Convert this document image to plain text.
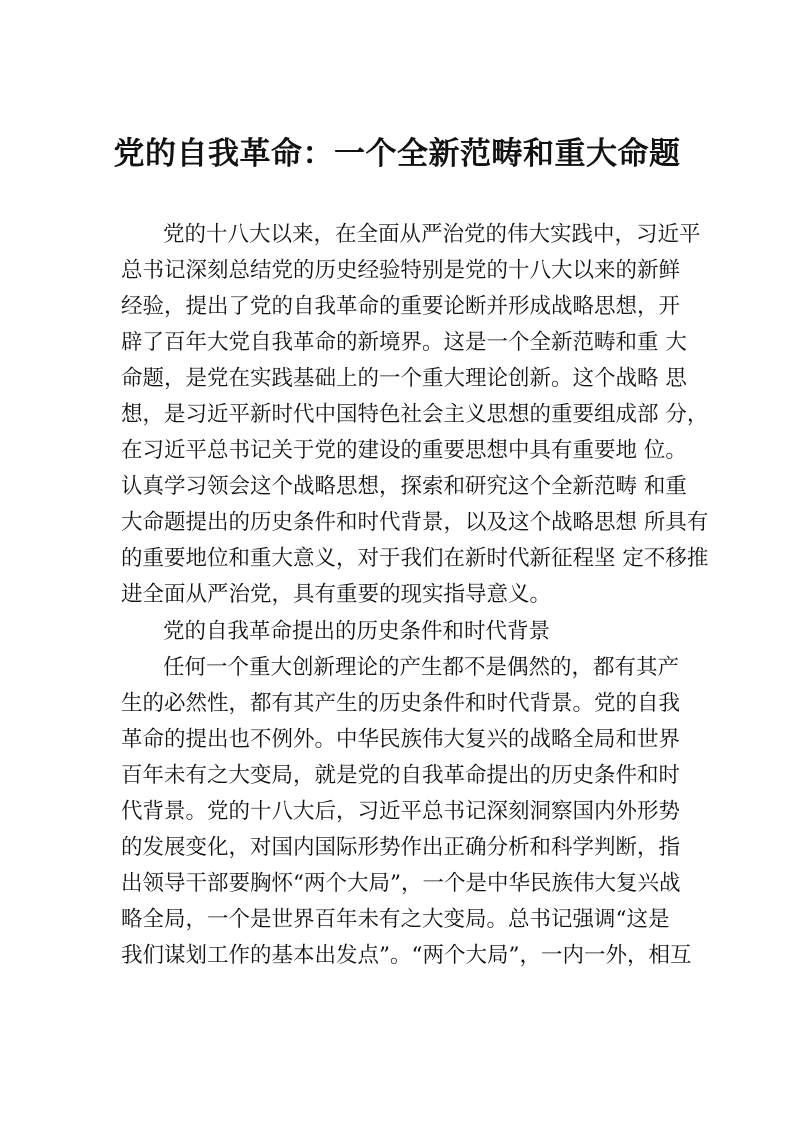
党的自我革命：一个全新范畴和重大命题
党的十八大以来，在全面从严治党的伟大实践中，习近平
总书记深刻总结党的历史经验特别是党的十八大以来的新鲜
经验，提出了党的自我革命的重要论断并形成战略思想，开
辟了百年大党自我革命的新境界。这是一个全新范畴和重 大
命题，是党在实践基础上的一个重大理论创新。这个战略 思
想，是习近平新时代中国特色社会主义思想的重要组成部 分，
在习近平总书记关于党的建设的重要思想中具有重要地 位。
认真学习领会这个战略思想，探索和研究这个全新范畴 和重
大命题提出的历史条件和时代背景，以及这个战略思想 所具有
的重要地位和重大意义，对于我们在新时代新征程坚 定不移推
进全面从严治党，具有重要的现实指导意义。
党的自我革命提出的历史条件和时代背景
任何一个重大创新理论的产生都不是偶然的，都有其产
生的必然性，都有其产生的历史条件和时代背景。党的自我
革命的提出也不例外。中华民族伟大复兴的战略全局和世界
百年未有之大变局，就是党的自我革命提出的历史条件和时
代背景。党的十八大后，习近平总书记深刻洞察国内外形势
的发展变化，对国内国际形势作出正确分析和科学判断，指
出领导干部要胸怀“两个大局”，一个是中华民族伟大复兴战
略全局，一个是世界百年未有之大变局。总书记强调“这是
我们谋划工作的基本出发点”。“两个大局”，一内一外，相互
